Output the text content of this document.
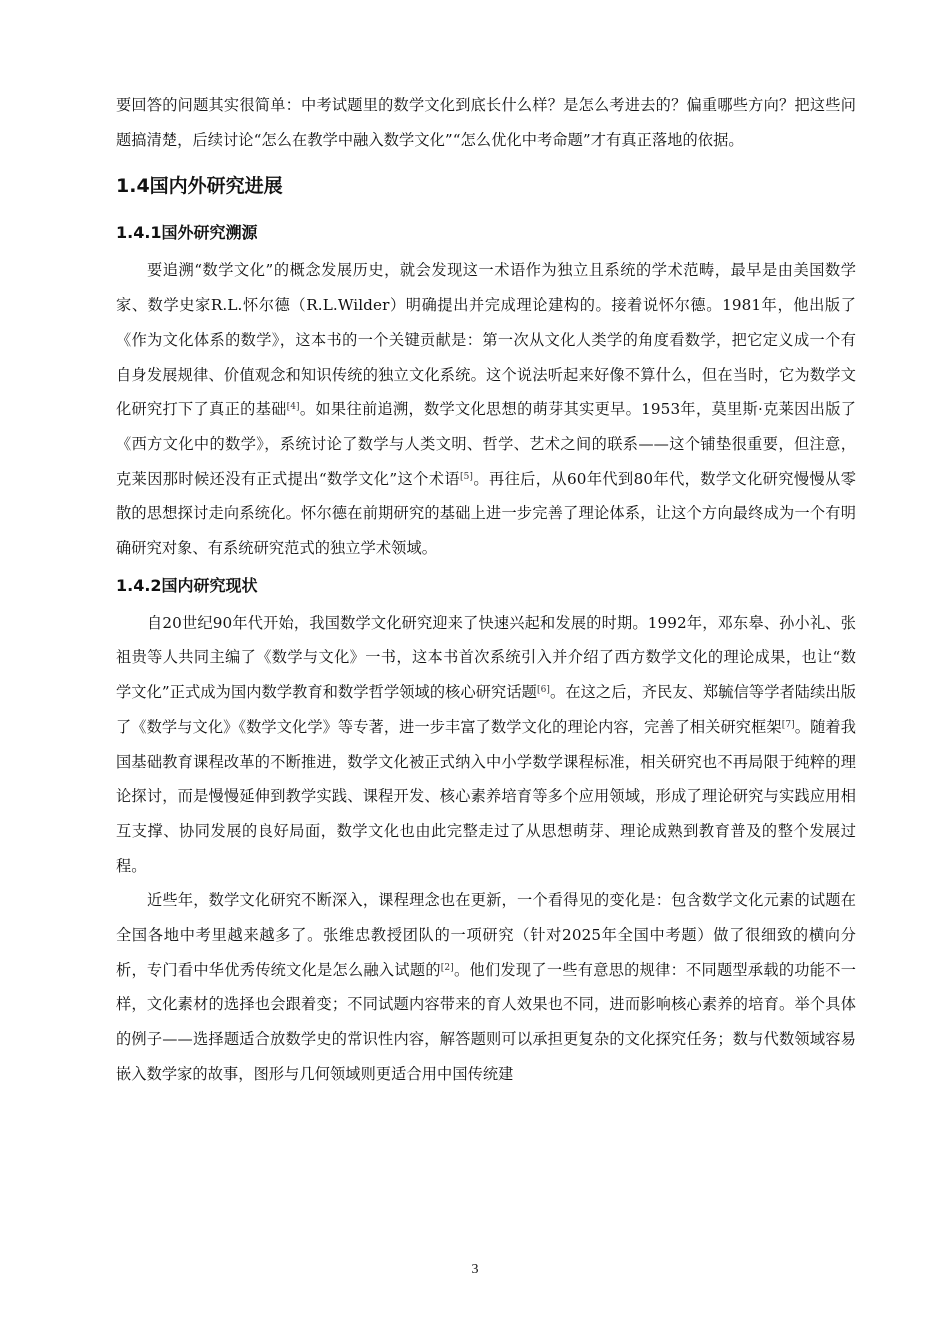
要回答的问题其实很简单：中考试题里的数学文化到底长什么样？是怎么考进去的？偏重哪些方向？把这些问题搞清楚，后续讨论“怎么在教学中融入数学文化”“怎么优化中考命题”才有真正落地的依据。

1.4国内外研究进展
1.4.1国外研究溯源

要追溯“数学文化”的概念发展历史，就会发现这一术语作为独立且系统的学术范畴，最早是由美国数学家、数学史家R.L.怀尔德（R.L.Wilder）明确提出并完成理论建构的。接着说怀尔德。1981年，他出版了《作为文化体系的数学》，这本书的一个关键贡献是：第一次从文化人类学的角度看数学，把它定义成一个有自身发展规律、价值观念和知识传统的独立文化系统。这个说法听起来好像不算什么，但在当时，它为数学文化研究打下了真正的基础[4]。如果往前追溯，数学文化思想的萌芽其实更早。1953年，莫里斯·克莱因出版了《西方文化中的数学》，系统讨论了数学与人类文明、哲学、艺术之间的联系——这个铺垫很重要，但注意，克莱因那时候还没有正式提出“数学文化”这个术语[5]。再往后，从60年代到80年代，数学文化研究慢慢从零散的思想探讨走向系统化。怀尔德在前期研究的基础上进一步完善了理论体系，让这个方向最终成为一个有明确研究对象、有系统研究范式的独立学术领域。

1.4.2国内研究现状

自20世纪90年代开始，我国数学文化研究迎来了快速兴起和发展的时期。1992年，邓东皋、孙小礼、张祖贵等人共同主编了《数学与文化》一书，这本书首次系统引入并介绍了西方数学文化的理论成果，也让“数学文化”正式成为国内数学教育和数学哲学领域的核心研究话题[6]。在这之后，齐民友、郑毓信等学者陆续出版了《数学与文化》《数学文化学》等专著，进一步丰富了数学文化的理论内容，完善了相关研究框架[7]。随着我国基础教育课程改革的不断推进，数学文化被正式纳入中小学数学课程标准，相关研究也不再局限于纯粹的理论探讨，而是慢慢延伸到教学实践、课程开发、核心素养培育等多个应用领域，形成了理论研究与实践应用相互支撑、协同发展的良好局面，数学文化也由此完整走过了从思想萌芽、理论成熟到教育普及的整个发展过程。

近些年，数学文化研究不断深入，课程理念也在更新，一个看得见的变化是：包含数学文化元素的试题在全国各地中考里越来越多了。张维忠教授团队的一项研究（针对2025年全国中考题）做了很细致的横向分析，专门看中华优秀传统文化是怎么融入试题的[2]。他们发现了一些有意思的规律：不同题型承载的功能不一样，文化素材的选择也会跟着变；不同试题内容带来的育人效果也不同，进而影响核心素养的培育。举个具体的例子——选择题适合放数学史的常识性内容，解答题则可以承担更复杂的文化探究任务；数与代数领域容易嵌入数学家的故事，图形与几何领域则更适合用中国传统建

3
